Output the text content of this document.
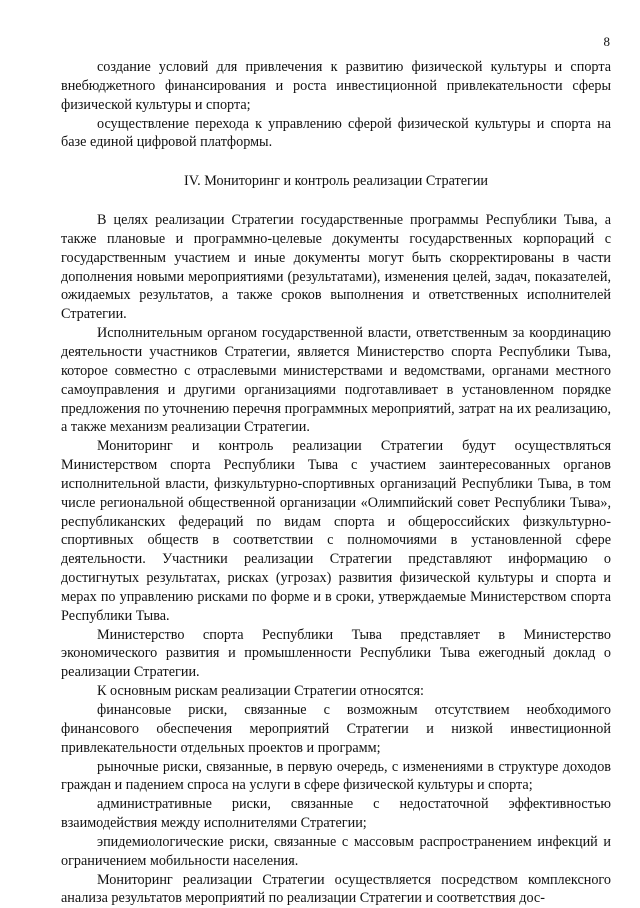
8

создание условий для привлечения к развитию физической культуры и спорта внебюджетного финансирования и роста инвестиционной привлекательности сферы физической культуры и спорта;

осуществление перехода к управлению сферой физической культуры и спорта на базе единой цифровой платформы.

IV. Мониторинг и контроль реализации Стратегии

В целях реализации Стратегии государственные программы Республики Тыва, а также плановые и программно-целевые документы государственных корпораций с государственным участием и иные документы могут быть скорректированы в части дополнения новыми мероприятиями (результатами), изменения целей, задач, показателей, ожидаемых результатов, а также сроков выполнения и ответственных исполнителей Стратегии.

Исполнительным органом государственной власти, ответственным за координацию деятельности участников Стратегии, является Министерство спорта Республики Тыва, которое совместно с отраслевыми министерствами и ведомствами, органами местного самоуправления и другими организациями подготавливает в установленном порядке предложения по уточнению перечня программных мероприятий, затрат на их реализацию, а также механизм реализации Стратегии.

Мониторинг и контроль реализации Стратегии будут осуществляться Министерством спорта Республики Тыва с участием заинтересованных органов исполнительной власти, физкультурно-спортивных организаций Республики Тыва, в том числе региональной общественной организации «Олимпийский совет Республики Тыва», республиканских федераций по видам спорта и общероссийских физкультурно-спортивных обществ в соответствии с полномочиями в установленной сфере деятельности. Участники реализации Стратегии представляют информацию о достигнутых результатах, рисках (угрозах) развития физической культуры и спорта и мерах по управлению рисками по форме и в сроки, утверждаемые Министерством спорта Республики Тыва.

Министерство спорта Республики Тыва представляет в Министерство экономического развития и промышленности Республики Тыва ежегодный доклад о реализации Стратегии.

К основным рискам реализации Стратегии относятся:

финансовые риски, связанные с возможным отсутствием необходимого финансового обеспечения мероприятий Стратегии и низкой инвестиционной привлекательности отдельных проектов и программ;

рыночные риски, связанные, в первую очередь, с изменениями в структуре доходов граждан и падением спроса на услуги в сфере физической культуры и спорта;

административные риски, связанные с недостаточной эффективностью взаимодействия между исполнителями Стратегии;

эпидемиологические риски, связанные с массовым распространением инфекций и ограничением мобильности населения.

Мониторинг реализации Стратегии осуществляется посредством комплексного анализа результатов мероприятий по реализации Стратегии и соответствия дос-
